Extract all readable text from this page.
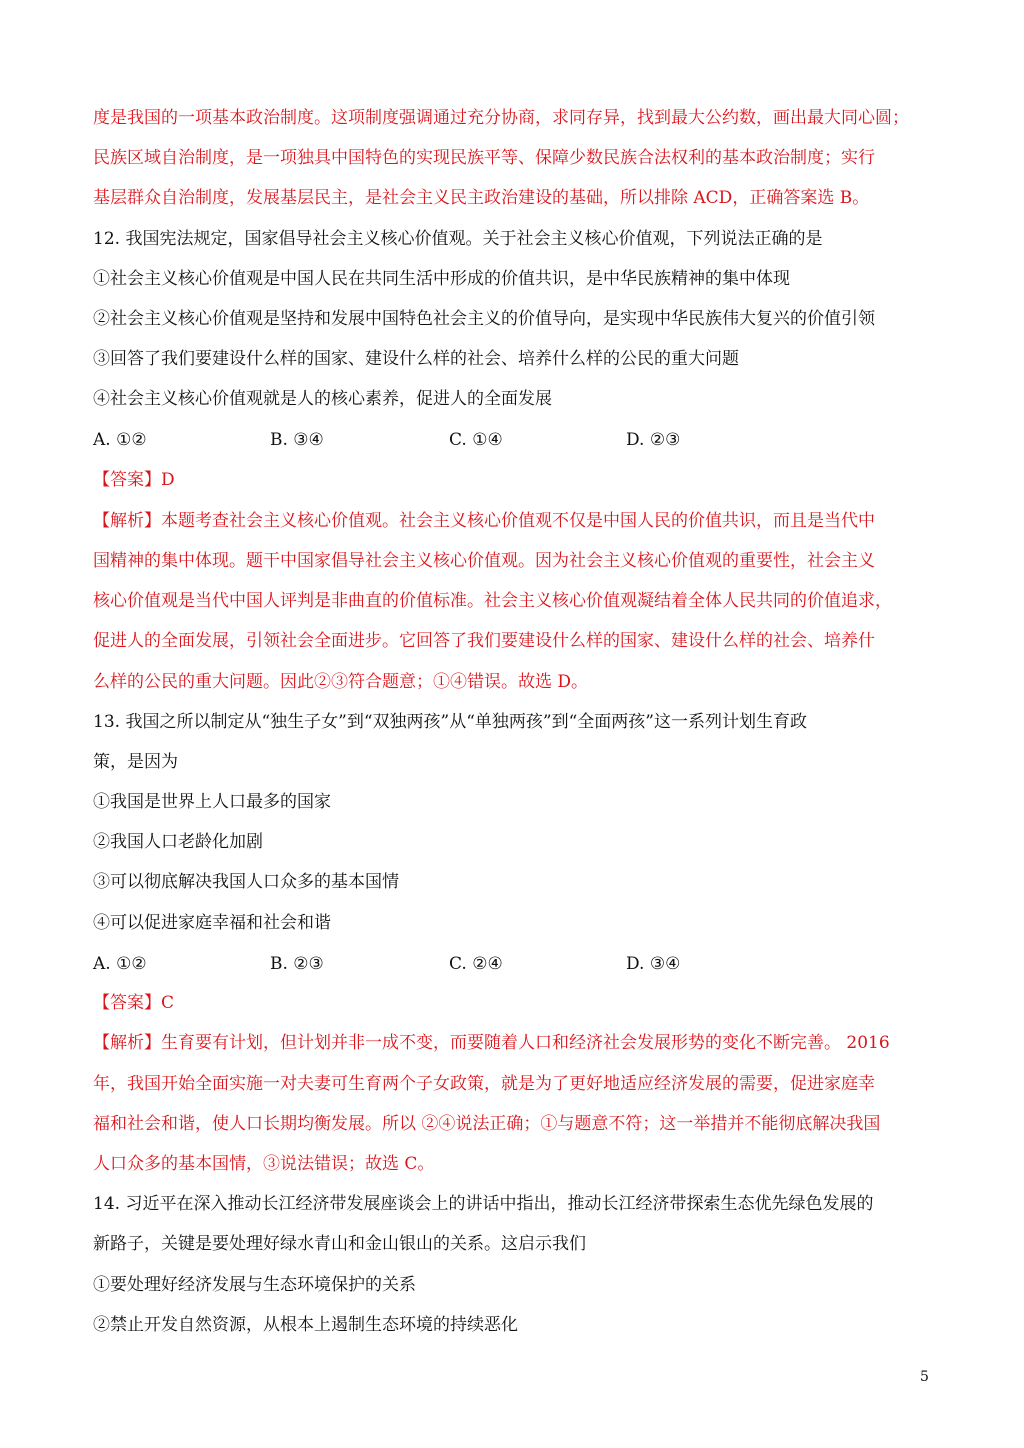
度是我国的一项基本政治制度。这项制度强调通过充分协商，求同存异，找到最大公约数，画出最大同心圆；
民族区域自治制度，是一项独具中国特色的实现民族平等、保障少数民族合法权利的基本政治制度；实行
基层群众自治制度，发展基层民主，是社会主义民主政治建设的基础，所以排除 ACD，正确答案选 B。
12. 我国宪法规定，国家倡导社会主义核心价值观。关于社会主义核心价值观，下列说法正确的是
①社会主义核心价值观是中国人民在共同生活中形成的价值共识，是中华民族精神的集中体现
②社会主义核心价值观是坚持和发展中国特色社会主义的价值导向，是实现中华民族伟大复兴的价值引领
③回答了我们要建设什么样的国家、建设什么样的社会、培养什么样的公民的重大问题
④社会主义核心价值观就是人的核心素养，促进人的全面发展
A. ①②	B. ③④	C. ①④	D. ②③
【答案】D
【解析】本题考查社会主义核心价值观。社会主义核心价值观不仅是中国人民的价值共识，而且是当代中
国精神的集中体现。题干中国家倡导社会主义核心价值观。因为社会主义核心价值观的重要性，社会主义
核心价值观是当代中国人评判是非曲直的价值标准。社会主义核心价值观凝结着全体人民共同的价值追求，
促进人的全面发展，引领社会全面进步。它回答了我们要建设什么样的国家、建设什么样的社会、培养什
么样的公民的重大问题。因此②③符合题意；①④错误。故选 D。
13. 我国之所以制定从“独生子女”到“双独两孩”从“单独两孩”到“全面两孩”这一系列计划生育政
策，是因为
①我国是世界上人口最多的国家
②我国人口老龄化加剧
③可以彻底解决我国人口众多的基本国情
④可以促进家庭幸福和社会和谐
A. ①②	B. ②③	C. ②④	D. ③④
【答案】C
【解析】生育要有计划，但计划并非一成不变，而要随着人口和经济社会发展形势的变化不断完善。 2016
年，我国开始全面实施一对夫妻可生育两个子女政策，就是为了更好地适应经济发展的需要，促进家庭幸
福和社会和谐，使人口长期均衡发展。所以 ②④说法正确；①与题意不符；这一举措并不能彻底解决我国
人口众多的基本国情，③说法错误；故选 C。
14. 习近平在深入推动长江经济带发展座谈会上的讲话中指出，推动长江经济带探索生态优先绿色发展的
新路子，关键是要处理好绿水青山和金山银山的关系。这启示我们
①要处理好经济发展与生态环境保护的关系
②禁止开发自然资源，从根本上遏制生态环境的持续恶化
5
